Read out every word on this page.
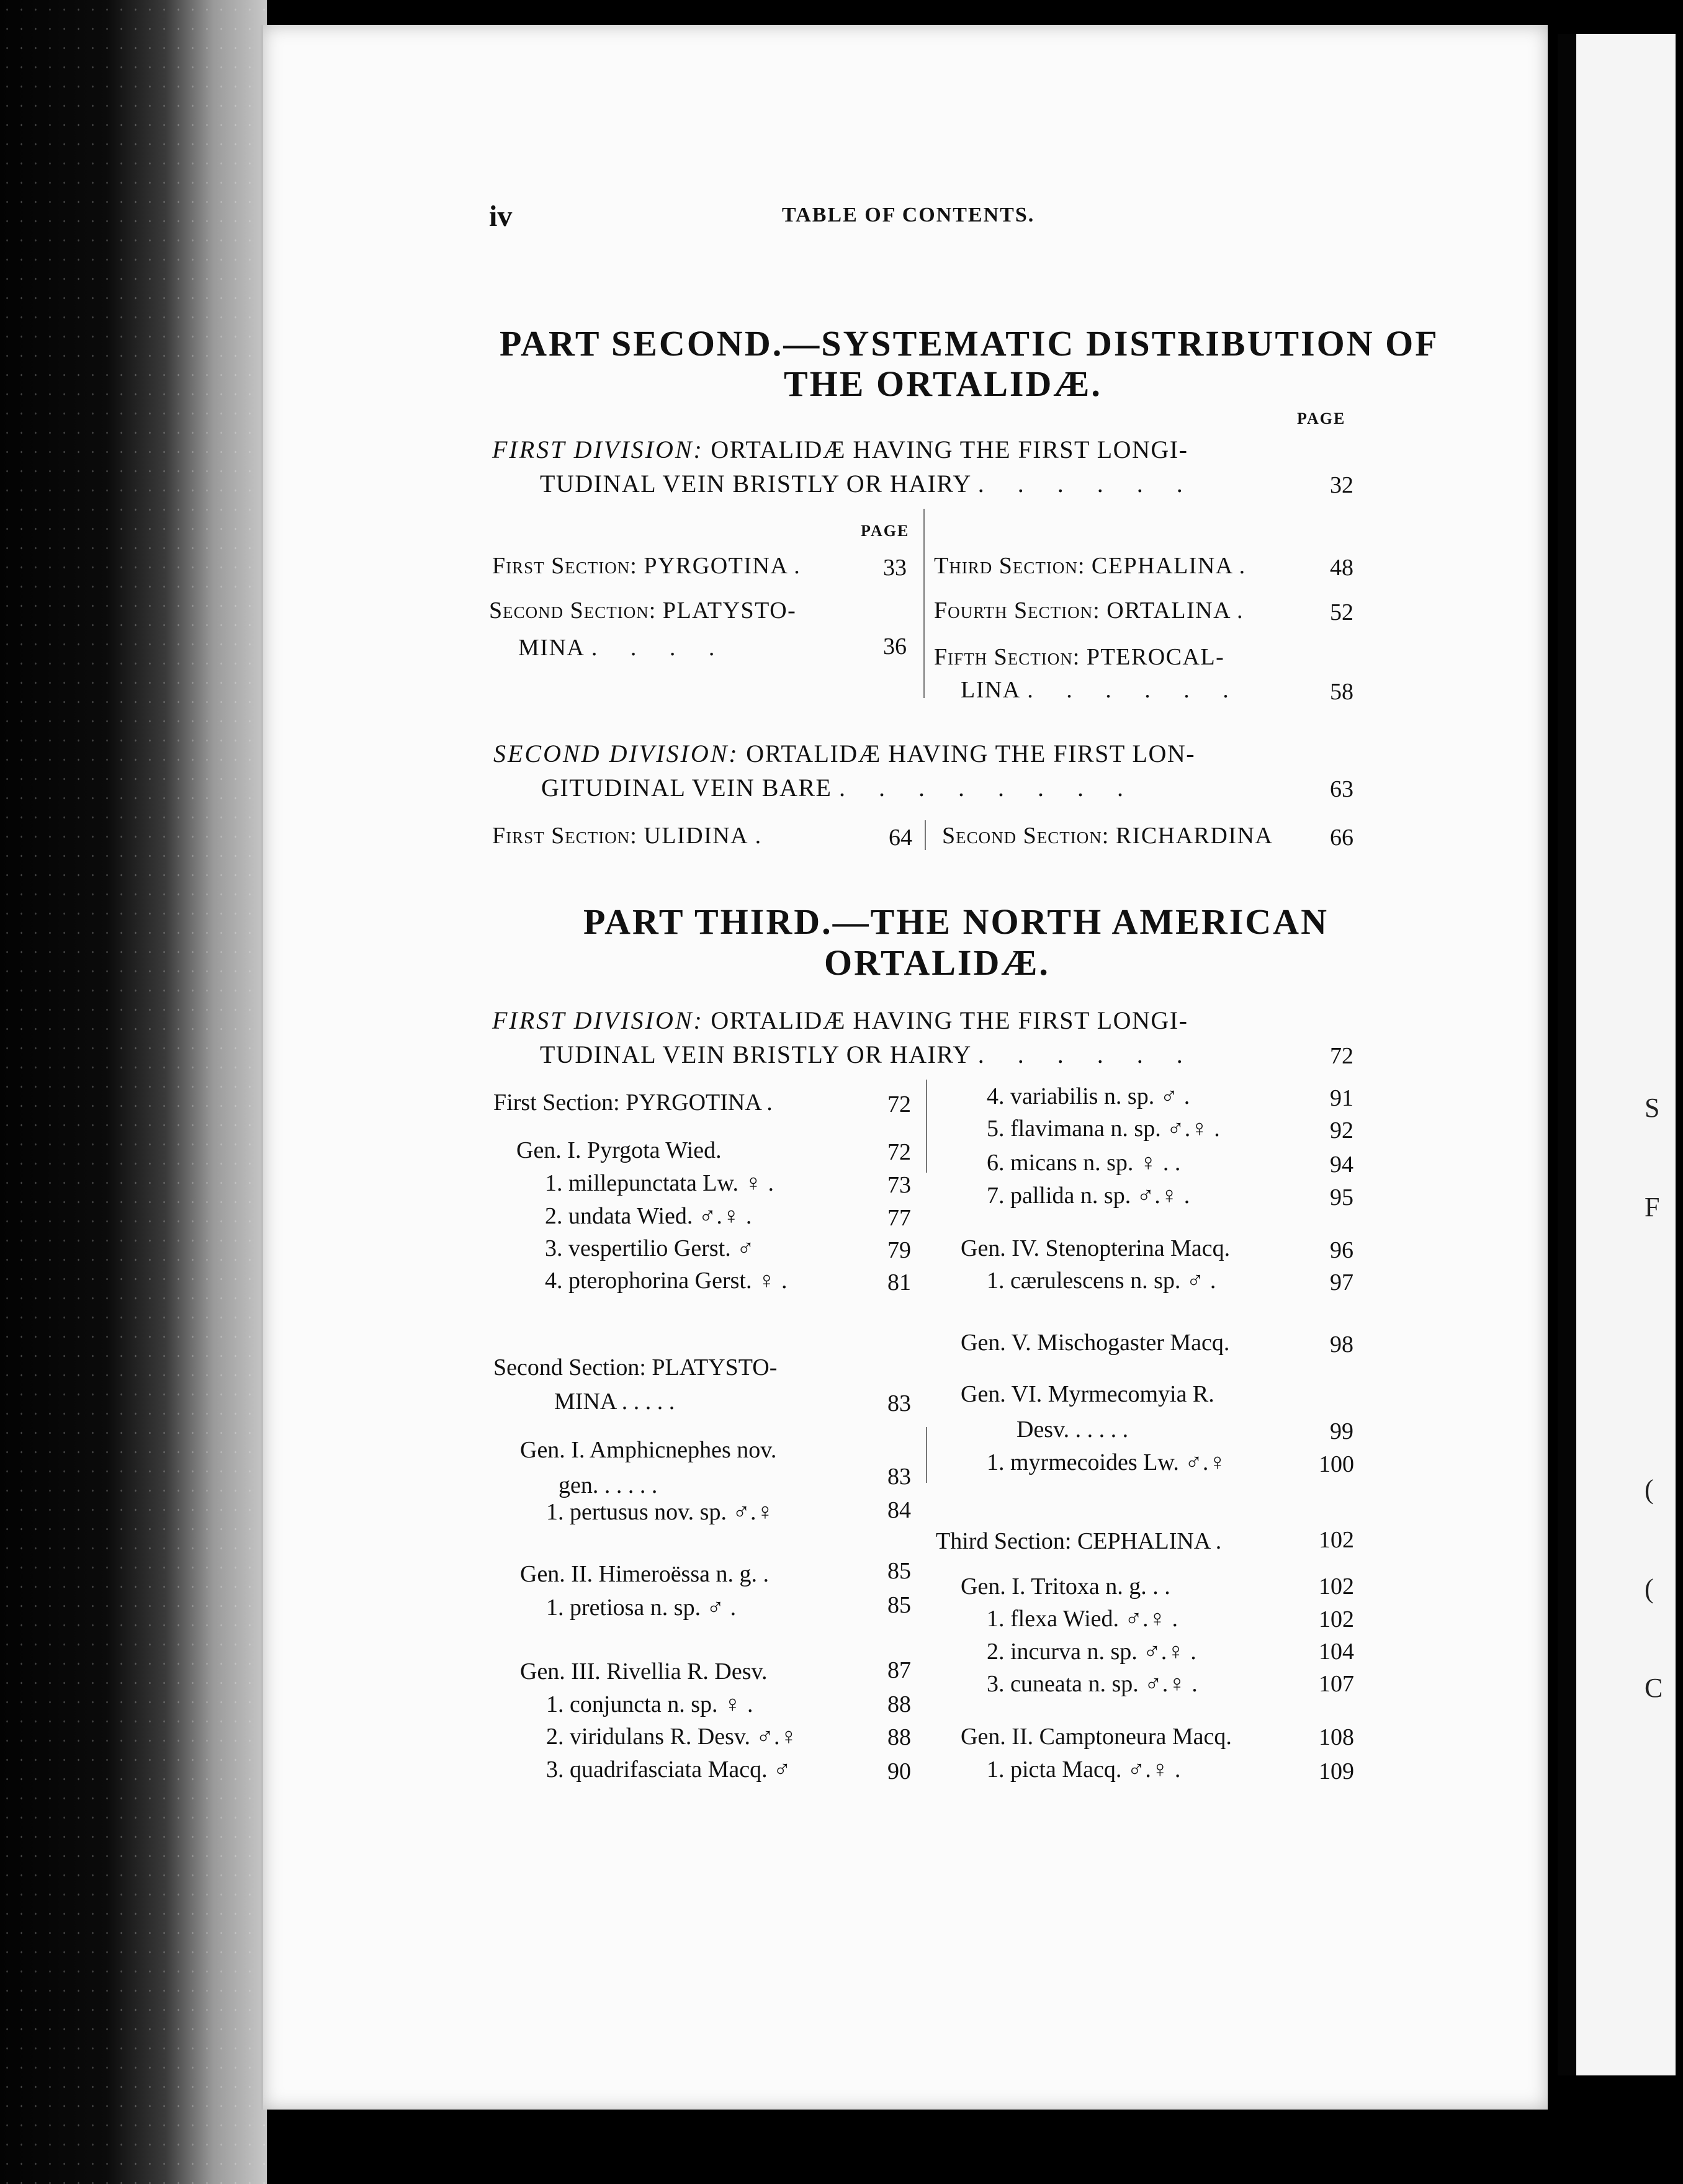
S
F
(
(
C
iv	TABLE OF CONTENTS.
PART SECOND.—SYSTEMATIC DISTRIBUTION OF
THE ORTALIDÆ.
PAGE
FIRST DIVISION: ORTALIDÆ HAVING THE FIRST LONGI-
TUDINAL VEIN BRISTLY OR HAIRY . . . . . .	32
PAGE
First Section: PYRGOTINA .	33
Second Section: PLATYSTO-
MINA . . . .	36
Third Section: CEPHALINA .	48
Fourth Section: ORTALINA .	52
Fifth Section: PTEROCAL-
LINA . . . . . .	58
SECOND DIVISION: ORTALIDÆ HAVING THE FIRST LON-
GITUDINAL VEIN BARE . . . . . . . .	63
First Section: ULIDINA .	64 Second Section: RICHARDINA 66
PART THIRD.—THE NORTH AMERICAN
ORTALIDÆ.
FIRST DIVISION: ORTALIDÆ HAVING THE FIRST LONGI-
TUDINAL VEIN BRISTLY OR HAIRY . . . . . .	72
First Section: PYRGOTINA .	72
Gen. I. Pyrgota Wied.	72
1. millepunctata Lw. ♀ .	73
2. undata Wied. ♂.♀ .	77
3. vespertilio Gerst. ♂	79
4. pterophorina Gerst. ♀ .	81
Second Section: PLATYSTO-
MINA . . . . .	83
Gen. I. Amphicnephes nov.
gen. . . . . .	83
1. pertusus nov. sp. ♂.♀	84
Gen. II. Himeroëssa n. g. .	85
1. pretiosa n. sp. ♂ .	85
Gen. III. Rivellia R. Desv.	87
1. conjuncta n. sp. ♀ .	88
2. viridulans R. Desv. ♂.♀	88
3. quadrifasciata Macq. ♂	90
4. variabilis n. sp. ♂ .	91
5. flavimana n. sp. ♂.♀ .	92
6. micans n. sp. ♀ . .	94
7. pallida n. sp. ♂.♀ .	95
Gen. IV. Stenopterina Macq.	96
1. cærulescens n. sp. ♂ .	97
Gen. V. Mischogaster Macq.	98
Gen. VI. Myrmecomyia R.
Desv. . . . . .	99
1. myrmecoides Lw. ♂.♀	100
Third Section: CEPHALINA .	102
Gen. I. Tritoxa n. g. . .	102
1. flexa Wied. ♂.♀ .	102
2. incurva n. sp. ♂.♀ .	104
3. cuneata n. sp. ♂.♀ .	107
Gen. II. Camptoneura Macq.	108
1. picta Macq. ♂.♀ .	109
